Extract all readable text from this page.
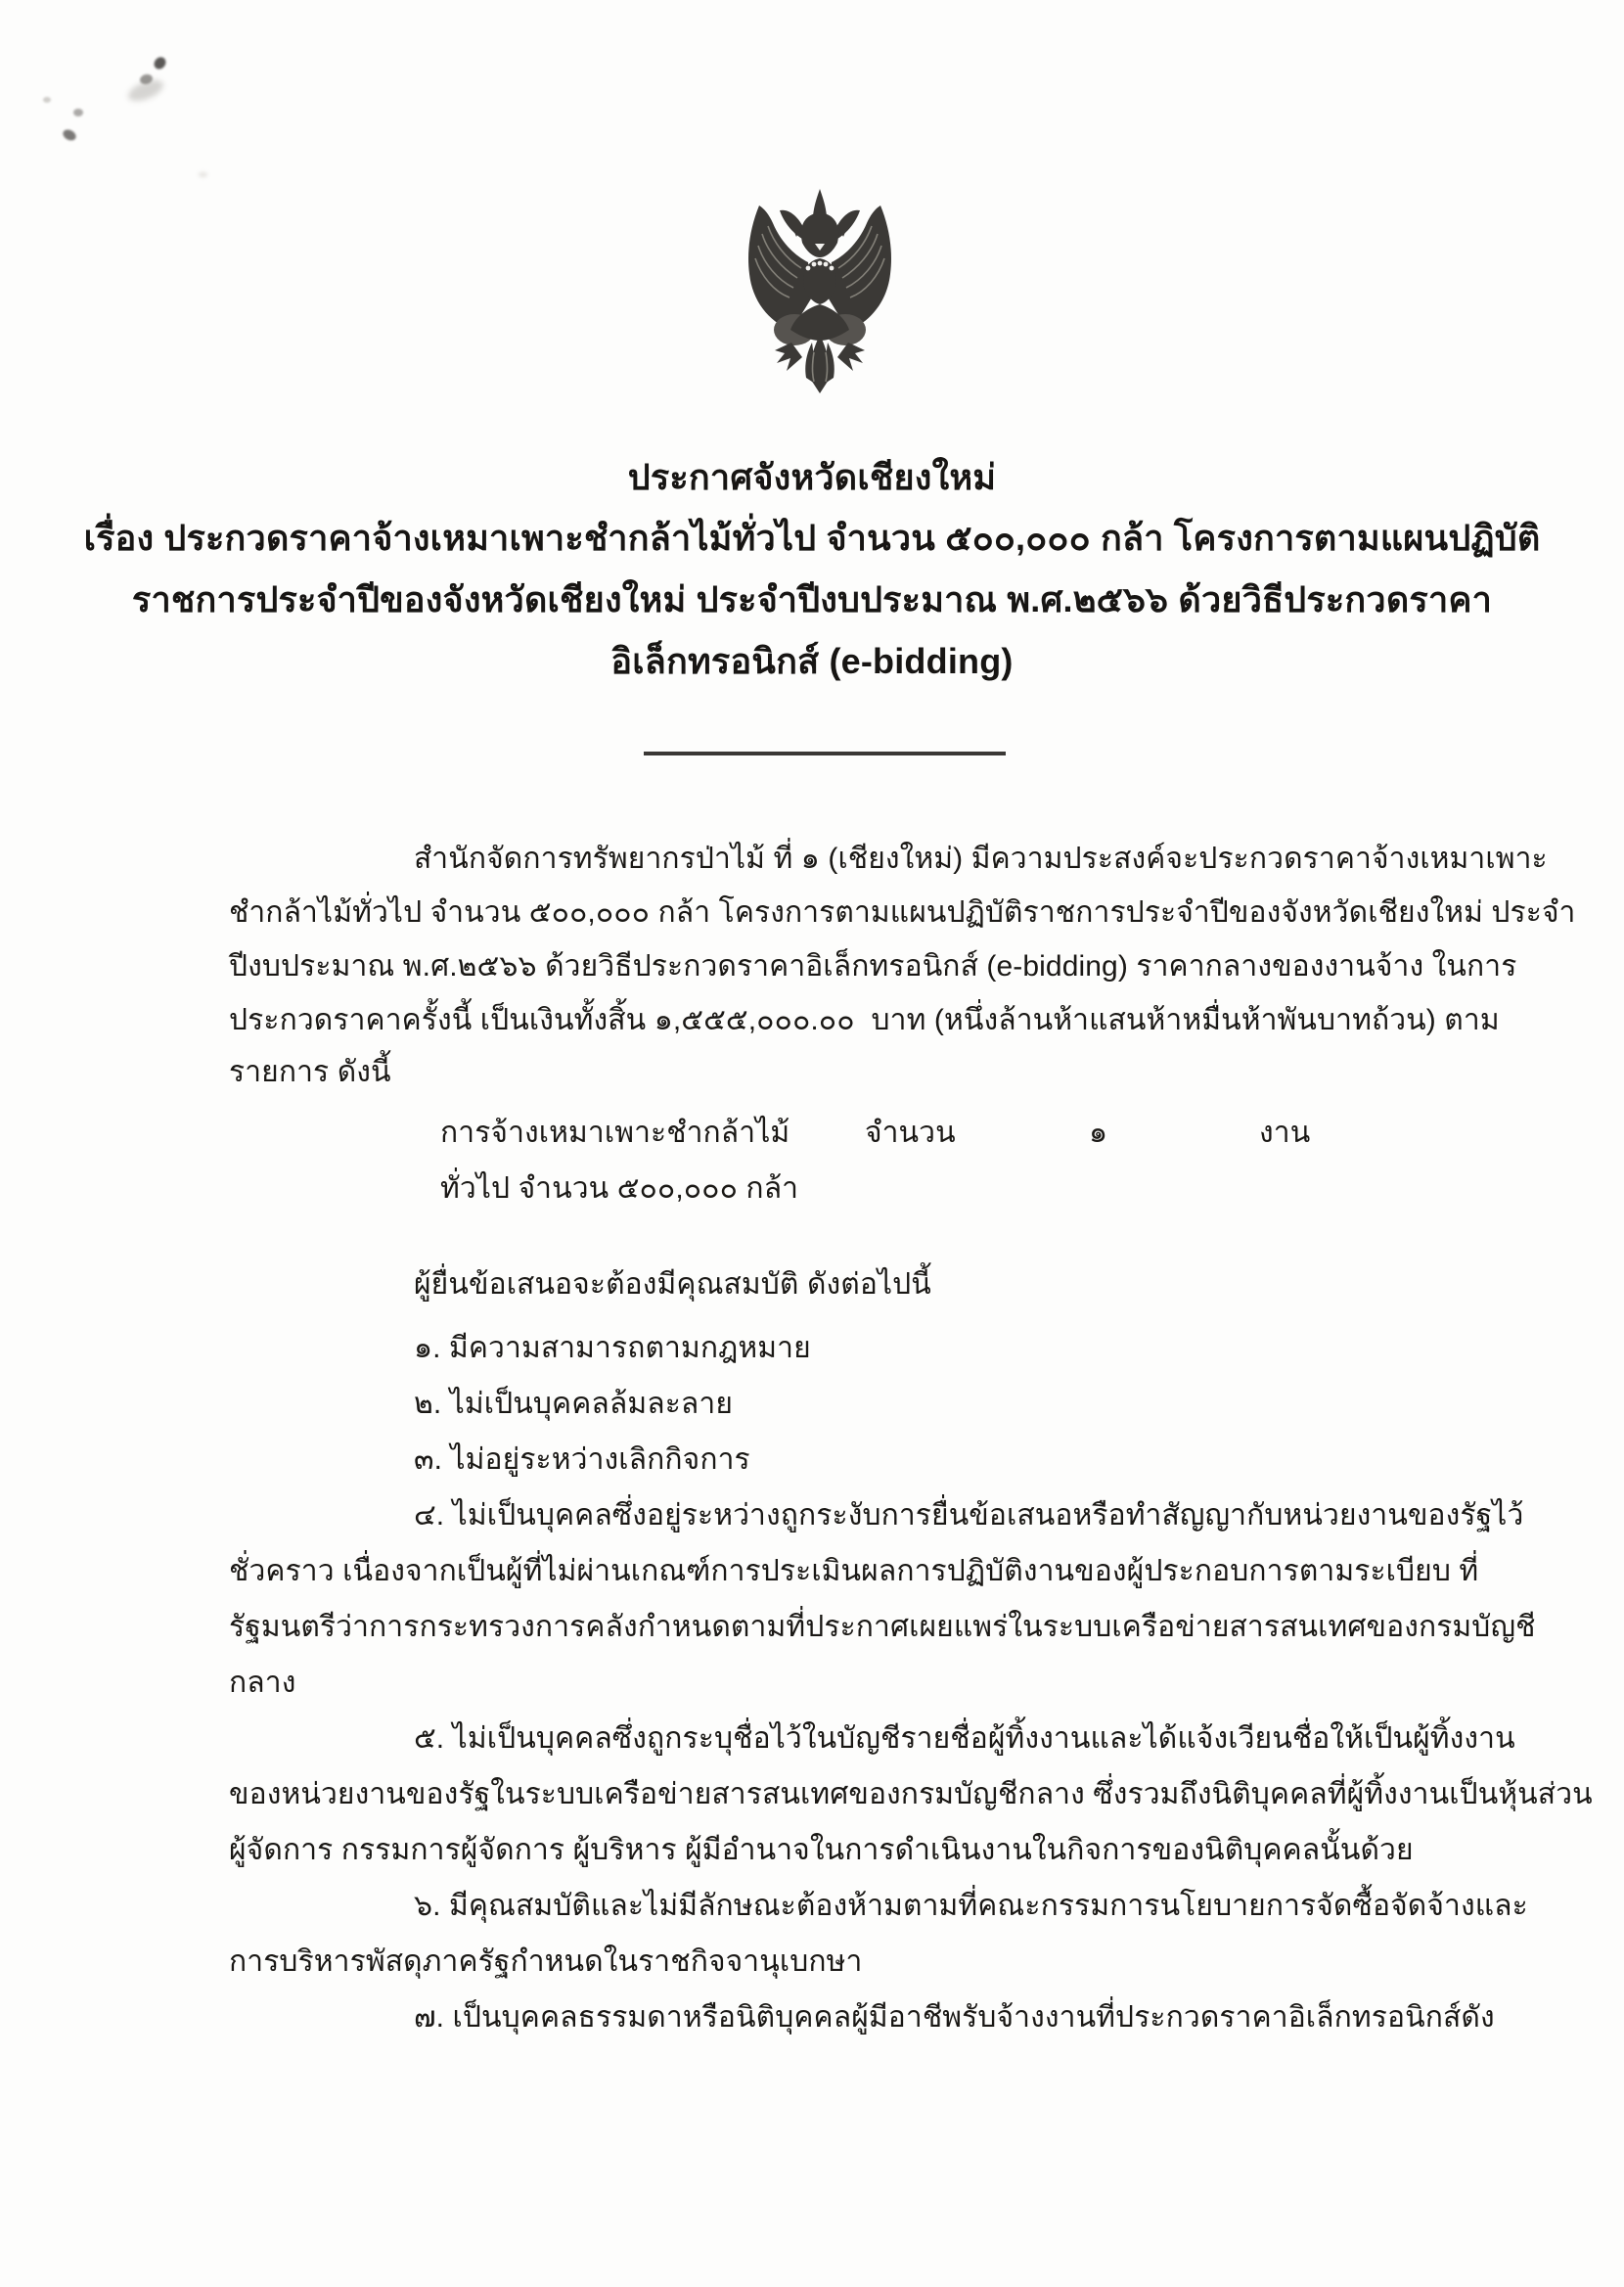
ประกาศจังหวัดเชียงใหม่
เรื่อง ประกวดราคาจ้างเหมาเพาะชำกล้าไม้ทั่วไป จำนวน ๕๐๐,๐๐๐ กล้า โครงการตามแผนปฏิบัติ
ราชการประจำปีของจังหวัดเชียงใหม่ ประจำปีงบประมาณ พ.ศ.๒๕๖๖ ด้วยวิธีประกวดราคา
อิเล็กทรอนิกส์ (e-bidding)
สำนักจัดการทรัพยากรป่าไม้ ที่ ๑ (เชียงใหม่) มีความประสงค์จะประกวดราคาจ้างเหมาเพาะ
ชำกล้าไม้ทั่วไป จำนวน ๕๐๐,๐๐๐ กล้า โครงการตามแผนปฏิบัติราชการประจำปีของจังหวัดเชียงใหม่ ประจำ
ปีงบประมาณ พ.ศ.๒๕๖๖ ด้วยวิธีประกวดราคาอิเล็กทรอนิกส์ (e-bidding) ราคากลางของงานจ้าง ในการ
ประกวดราคาครั้งนี้ เป็นเงินทั้งสิ้น ๑,๕๕๕,๐๐๐.๐๐  บาท (หนึ่งล้านห้าแสนห้าหมื่นห้าพันบาทถ้วน) ตาม
รายการ ดังนี้
การจ้างเหมาเพาะชำกล้าไม้	จำนวน	๑	งาน
ทั่วไป จำนวน ๕๐๐,๐๐๐ กล้า
ผู้ยื่นข้อเสนอจะต้องมีคุณสมบัติ ดังต่อไปนี้
๑. มีความสามารถตามกฎหมาย
๒. ไม่เป็นบุคคลล้มละลาย
๓. ไม่อยู่ระหว่างเลิกกิจการ
๔. ไม่เป็นบุคคลซึ่งอยู่ระหว่างถูกระงับการยื่นข้อเสนอหรือทำสัญญากับหน่วยงานของรัฐไว้
ชั่วคราว เนื่องจากเป็นผู้ที่ไม่ผ่านเกณฑ์การประเมินผลการปฏิบัติงานของผู้ประกอบการตามระเบียบ ที่
รัฐมนตรีว่าการกระทรวงการคลังกำหนดตามที่ประกาศเผยแพร่ในระบบเครือข่ายสารสนเทศของกรมบัญชี
กลาง
๕. ไม่เป็นบุคคลซึ่งถูกระบุชื่อไว้ในบัญชีรายชื่อผู้ทิ้งงานและได้แจ้งเวียนชื่อให้เป็นผู้ทิ้งงาน
ของหน่วยงานของรัฐในระบบเครือข่ายสารสนเทศของกรมบัญชีกลาง ซึ่งรวมถึงนิติบุคคลที่ผู้ทิ้งงานเป็นหุ้นส่วน
ผู้จัดการ กรรมการผู้จัดการ ผู้บริหาร ผู้มีอำนาจในการดำเนินงานในกิจการของนิติบุคคลนั้นด้วย
๖. มีคุณสมบัติและไม่มีลักษณะต้องห้ามตามที่คณะกรรมการนโยบายการจัดซื้อจัดจ้างและ
การบริหารพัสดุภาครัฐกำหนดในราชกิจจานุเบกษา
๗. เป็นบุคคลธรรมดาหรือนิติบุคคลผู้มีอาชีพรับจ้างงานที่ประกวดราคาอิเล็กทรอนิกส์ดัง
